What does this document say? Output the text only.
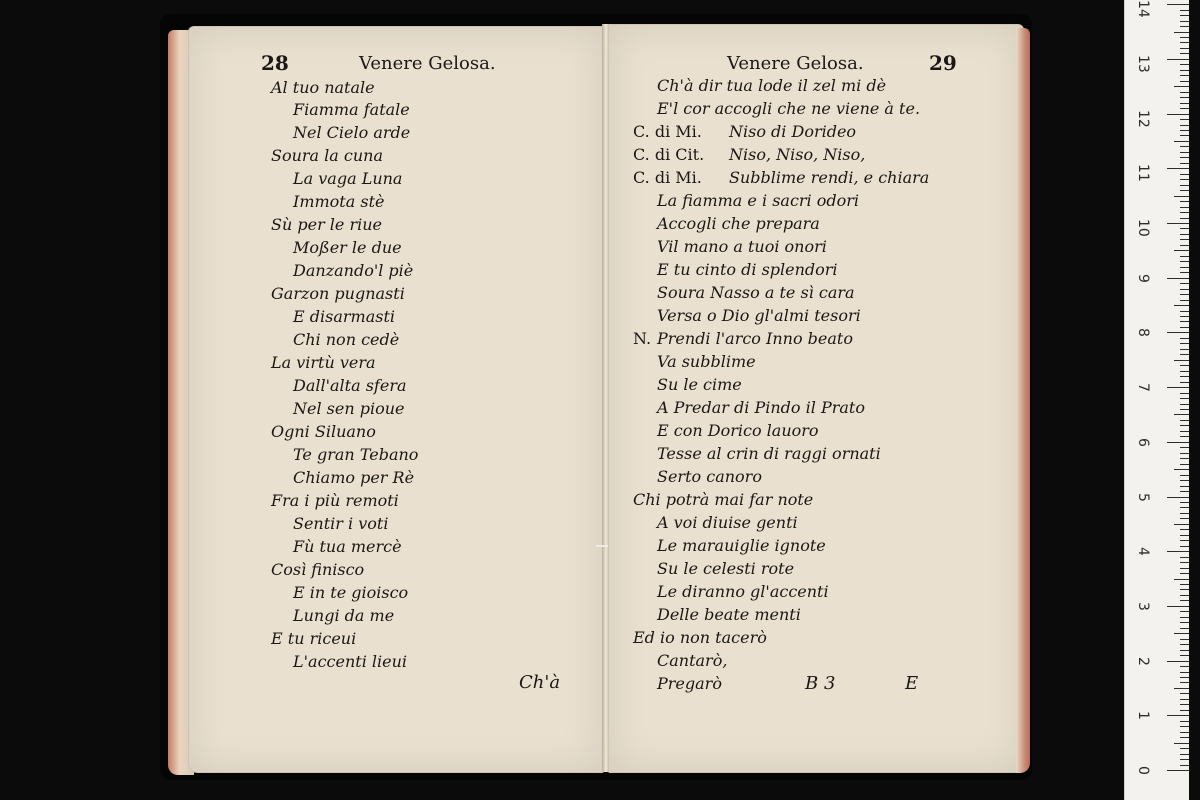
28	Venere Gelosa.
Al tuo natale
Fiamma fatale
Nel Cielo arde
Soura la cuna
La vaga Luna
Immota stè
Sù per le riue
Moßer le due
Danzando'l piè
Garzon pugnasti
E disarmasti
Chi non cedè
La virtù vera
Dall'alta sfera
Nel sen pioue
Ogni Siluano
Te gran Tebano
Chiamo per Rè
Fra i più remoti
Sentir i voti
Fù tua mercè
Così finisco
E in te gioisco
Lungi da me
E tu riceui
L'accenti lieui
Ch'à
Venere Gelosa.	29
Ch'à dir tua lode il zel mi dè
E'l cor accogli che ne viene à te.
C. di Mi. Niso di Dorideo
C. di Cit. Niso, Niso, Niso,
C. di Mi. Subblime rendi, e chiara
La fiamma e i sacri odori
Accogli che prepara
Vil mano a tuoi onori
E tu cinto di splendori
Soura Nasso a te sì cara
Versa o Dio gl'almi tesori
N. Prendi l'arco Inno beato
Va subblime
Su le cime
A Predar di Pindo il Prato
E con Dorico lauoro
Tesse al crin di raggi ornati
Serto canoro
Chi potrà mai far note
A voi diuise genti
Le marauiglie ignote
Su le celesti rote
Le diranno gl'accenti
Delle beate menti
Ed io non tacerò
Cantarò,
Pregarò	B 3	E
0
1
2
3
4
5
6
7
8
9
10
11
12
13
14
